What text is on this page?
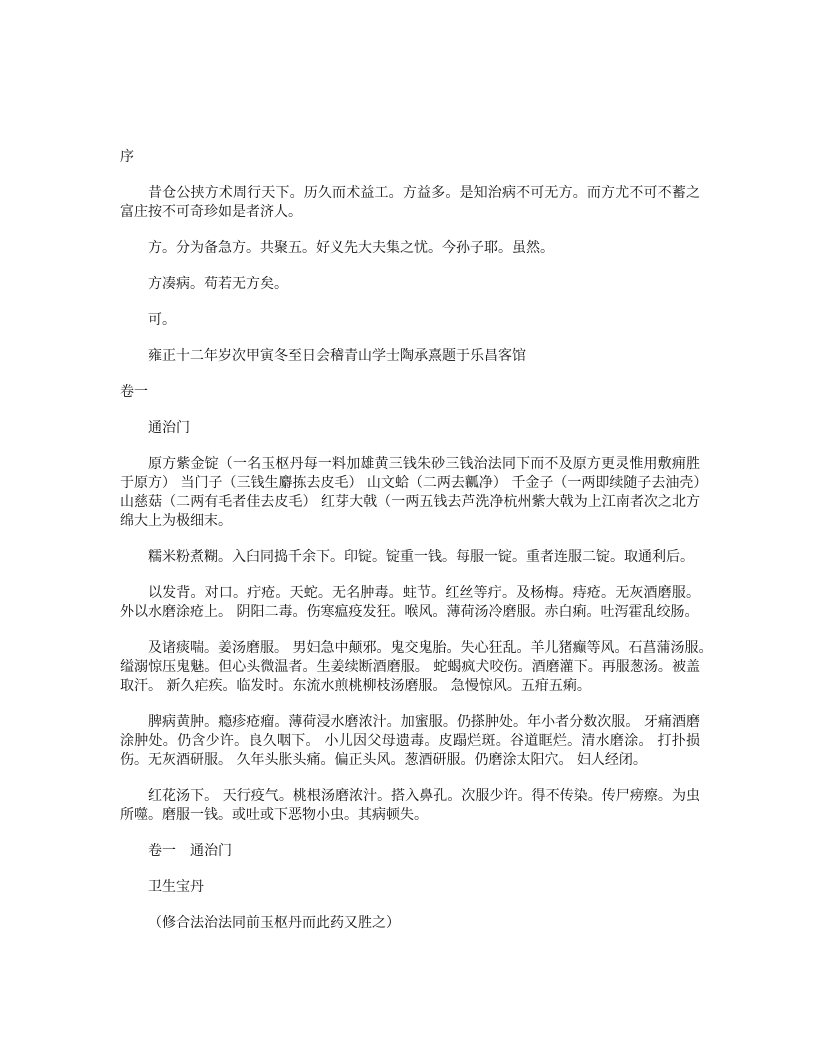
序
昔仓公挟方术周行天下。历久而术益工。方益多。是知治病不可无方。而方尤不可不蓄之
富庄按不可奇珍如是者济人。
方。分为备急方。共聚五。好义先大夫集之忧。今孙子耶。虽然。
方凑病。苟若无方矣。
可。
雍正十二年岁次甲寅冬至日会稽青山学士陶承熹题于乐昌客馆
卷一
通治门
原方紫金锭（一名玉枢丹每一料加雄黄三钱朱砂三钱治法同下而不及原方更灵惟用敷痈胜
于原方） 当门子（三钱生麝拣去皮毛） 山文蛤（二两去瓤净） 千金子（一两即续随子去油壳）
山慈菇（二两有毛者佳去皮毛） 红芽大戟（一两五钱去芦洗净杭州紫大戟为上江南者次之北方
绵大上为极细末。
糯米粉煮糊。入臼同捣千余下。印锭。锭重一钱。每服一锭。重者连服二锭。取通利后。
以发背。对口。疔疮。天蛇。无名肿毒。蛀节。红丝等疔。及杨梅。痔疮。无灰酒磨服。
外以水磨涂疮上。 阴阳二毒。伤寒瘟疫发狂。喉风。薄荷汤冷磨服。赤白痢。吐泻霍乱绞肠。
及诸痰喘。姜汤磨服。 男妇急中颠邪。鬼交鬼胎。失心狂乱。羊儿猪癫等风。石菖蒲汤服。
缢溺惊压鬼魅。但心头微温者。生姜续断酒磨服。 蛇蝎疯犬咬伤。酒磨灌下。再服葱汤。被盖
取汗。 新久疟疾。临发时。东流水煎桃柳枝汤磨服。 急慢惊风。五疳五痢。
脾病黄肿。瘾疹疮瘤。薄荷浸水磨浓汁。加蜜服。仍搽肿处。年小者分数次服。 牙痛酒磨
涂肿处。仍含少许。良久咽下。 小儿因父母遗毒。皮蹋烂斑。谷道眶烂。清水磨涂。 打扑损
伤。无灰酒研服。 久年头胀头痛。偏正头风。葱酒研服。仍磨涂太阳穴。 妇人经闭。
红花汤下。 天行疫气。桃根汤磨浓汁。搭入鼻孔。次服少许。得不传染。传尸痨瘵。为虫
所噬。磨服一钱。或吐或下恶物小虫。其病顿失。
卷一　通治门
卫生宝丹
（修合法治法同前玉枢丹而此药又胜之）
